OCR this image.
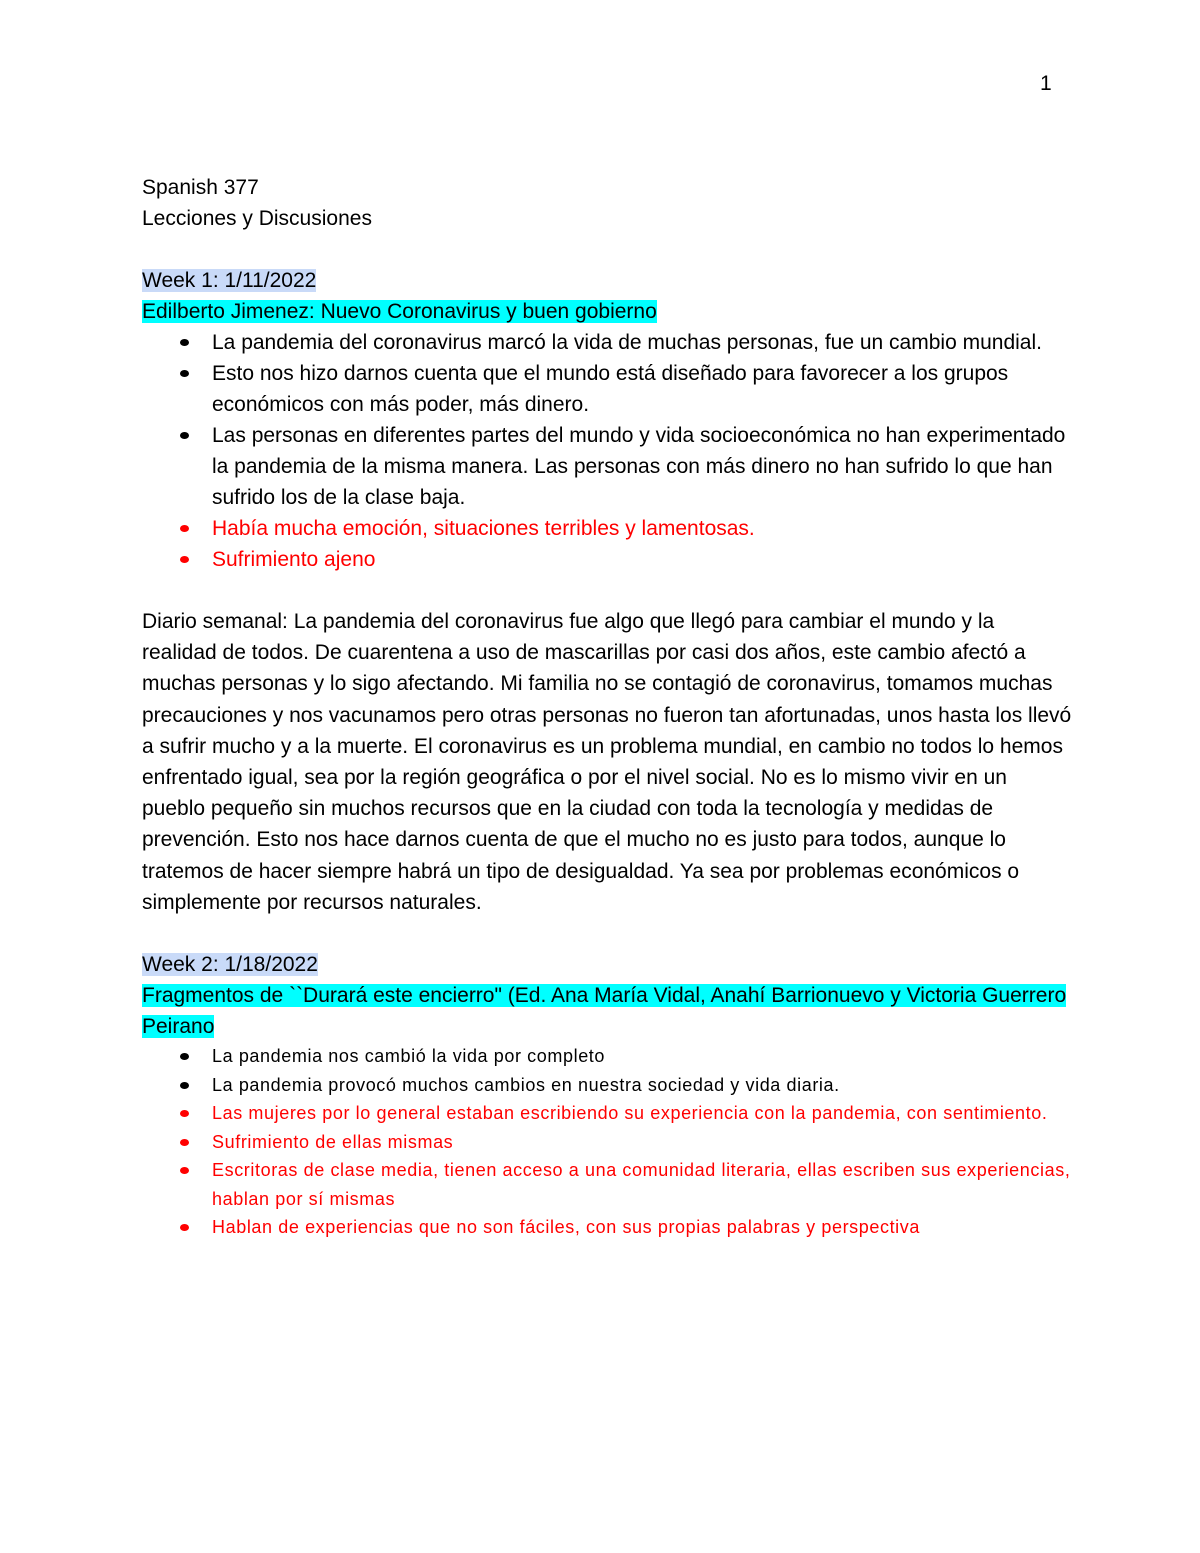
1
Spanish 377
Lecciones y Discusiones
Week 1: 1/11/2022
Edilberto Jimenez: Nuevo Coronavirus y buen gobierno
La pandemia del coronavirus marcó la vida de muchas personas, fue un cambio mundial.
Esto nos hizo darnos cuenta que el mundo está diseñado para favorecer a los grupos económicos con más poder, más dinero.
Las personas en diferentes partes del mundo y vida socioeconómica no han experimentado la pandemia de la misma manera. Las personas con más dinero no han sufrido lo que han sufrido los de la clase baja.
Había mucha emoción, situaciones terribles y lamentosas.
Sufrimiento ajeno

Diario semanal: La pandemia del coronavirus fue algo que llegó para cambiar el mundo y la realidad de todos. De cuarentena a uso de mascarillas por casi dos años, este cambio afectó a muchas personas y lo sigo afectando. Mi familia no se contagió de coronavirus, tomamos muchas precauciones y nos vacunamos pero otras personas no fueron tan afortunadas, unos hasta los llevó a sufrir mucho y a la muerte. El coronavirus es un problema mundial, en cambio no todos lo hemos enfrentado igual, sea por la región geográfica o por el nivel social. No es lo mismo vivir en un pueblo pequeño sin muchos recursos que en la ciudad con toda la tecnología y medidas de prevención. Esto nos hace darnos cuenta de que el mucho no es justo para todos, aunque lo tratemos de hacer siempre habrá un tipo de desigualdad. Ya sea por problemas económicos o simplemente por recursos naturales.

Week 2: 1/18/2022
Fragmentos de ``Durará este encierro" (Ed. Ana María Vidal, Anahí Barrionuevo y Victoria Guerrero Peirano
La pandemia nos cambió la vida por completo
La pandemia provocó muchos cambios en nuestra sociedad y vida diaria.
Las mujeres por lo general estaban escribiendo su experiencia con la pandemia, con sentimiento.
Sufrimiento de ellas mismas
Escritoras de clase media, tienen acceso a una comunidad literaria, ellas escriben sus experiencias, hablan por sí mismas
Hablan de experiencias que no son fáciles, con sus propias palabras y perspectiva
